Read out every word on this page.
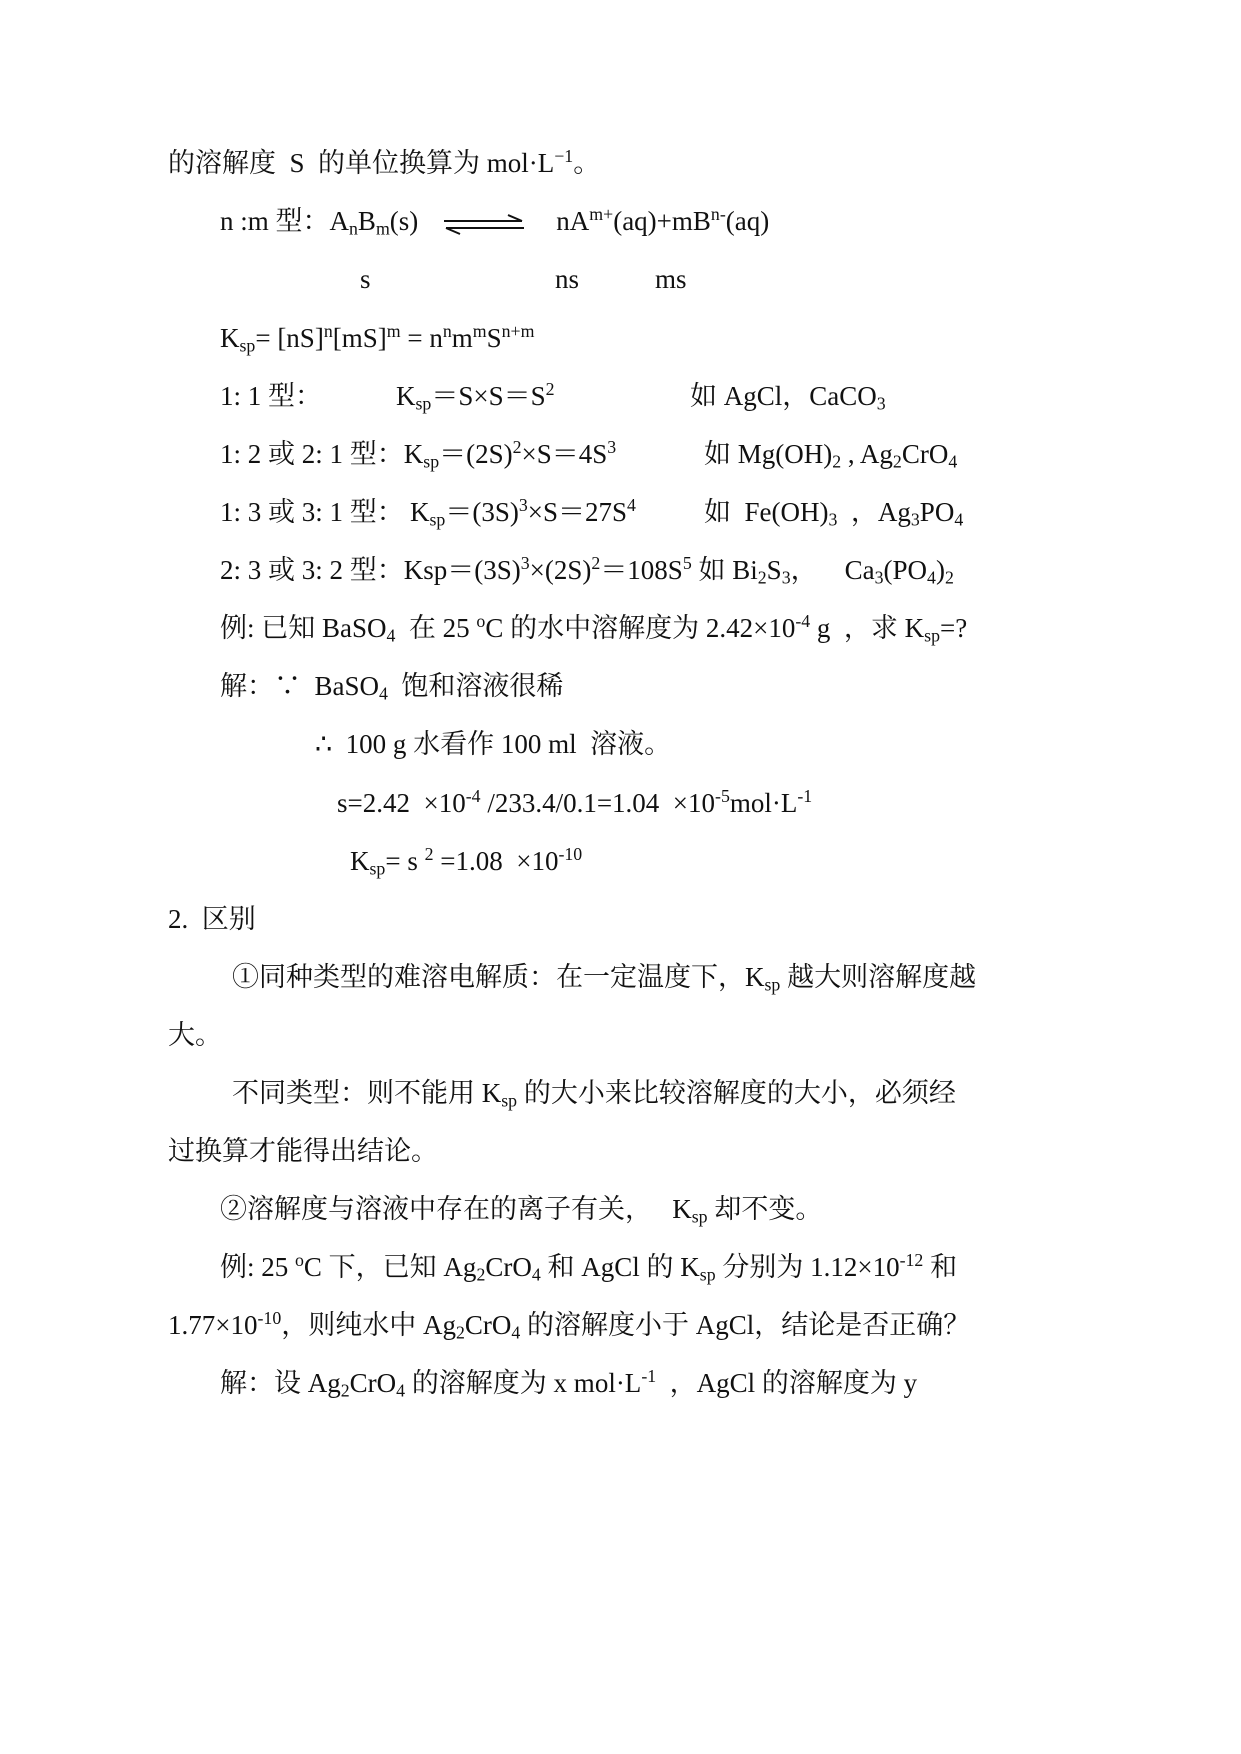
的溶解度  S  的单位换算为 $mol\cdot L^{-1}$。
n :m 型：$A_nB_m(s)$ ⇌ $nA^{m+}(aq)+mB^{n-}(aq)$
s	ns	ms
$K_{sp}= [nS]^n[mS]^m = n^nm^mS^{n+m}$
1: 1 型：	$K_{sp}=S\times S=S^2$	如 AgCl，CaCO$_3$
1: 2 或 2: 1 型：$K_{sp}=(2S)^2\times S=4S^3$	如 $Mg(OH)_2$ , $Ag_2CrO_4$
1: 3 或 3: 1 型： $K_{sp}=(3S)^3\times S=27S^4$	如  $Fe(OH)_3$  ，$Ag_3PO_4$
2: 3 或 3: 2 型：$Ksp=(3S)^3\times(2S)^2=108S^5$ 如 $Bi_2S_3$，    $Ca_3(PO_4)_2$
例: 已知 BaSO$_4$  在 25 $^o$C 的水中溶解度为 $2.42\times 10^{-4}$ g  ，求 $K_{sp}=$?
解：∵  BaSO$_4$  饱和溶液很稀
∴  100 g 水看作 100 ml  溶液。
$s=2.42 \times 10^{-4}$ $/233.4/0.1=1.04 \times 10^{-5}mol\cdot L^{-1}$
$K_{sp}= s$ $^2 =1.08 \times 10^{-10}$
2.  区别
①同种类型的难溶电解质：在一定温度下，$K_{sp}$ 越大则溶解度越
大。
不同类型：则不能用 $K_{sp}$ 的大小来比较溶解度的大小，必须经
过换算才能得出结论。
②溶解度与溶液中存在的离子有关，   $K_{sp}$ 却不变。
例: 25 $^o$C 下，已知 $Ag_2CrO_4$ 和 AgCl 的 $K_{sp}$ 分别为 $1.12\times 10^{-12}$ 和
$1.77\times 10^{-10}$，则纯水中 $Ag_2CrO_4$ 的溶解度小于 AgCl，结论是否正确？
解：设 $Ag_2CrO_4$ 的溶解度为 x $mol\cdot L^{-1}$  ，AgCl 的溶解度为 y
